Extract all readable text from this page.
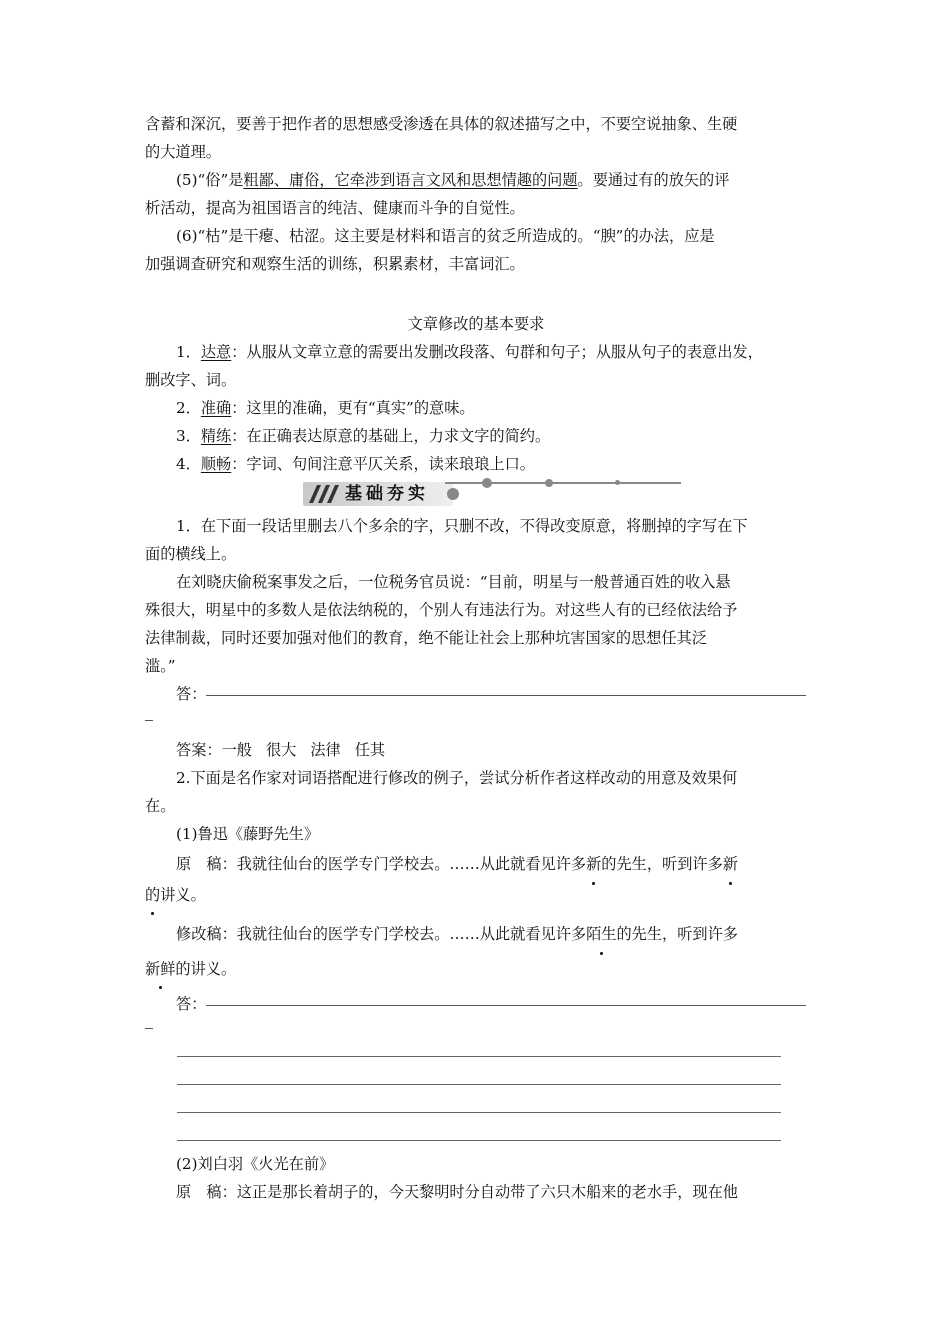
含蓄和深沉，要善于把作者的思想感受渗透在具体的叙述描写之中，不要空说抽象、生硬
的大道理。
(5)“俗”是粗鄙、庸俗，它牵涉到语言文风和思想情趣的问题。要通过有的放矢的评
析活动，提高为祖国语言的纯洁、健康而斗争的自觉性。
(6)“枯”是干瘪、枯涩。这主要是材料和语言的贫乏所造成的。“腴”的办法，应是
加强调查研究和观察生活的训练，积累素材，丰富词汇。
文章修改的基本要求
1．达意：从服从文章立意的需要出发删改段落、句群和句子；从服从句子的表意出发，
删改字、词。
2．准确：这里的准确，更有“真实”的意味。
3．精练：在正确表达原意的基础上，力求文字的简约。
4．顺畅：字词、句间注意平仄关系，读来琅琅上口。
基础夯实
1．在下面一段话里删去八个多余的字，只删不改，不得改变原意，将删掉的字写在下
面的横线上。
在刘晓庆偷税案事发之后，一位税务官员说：“目前，明星与一般普通百姓的收入悬
殊很大，明星中的多数人是依法纳税的，个别人有违法行为。对这些人有的已经依法给予
法律制裁，同时还要加强对他们的教育，绝不能让社会上那种坑害国家的思想任其泛
滥。”
答：
答案：一般 很大 法律 任其
2.下面是名作家对词语搭配进行修改的例子，尝试分析作者这样改动的用意及效果何
在。
(1)鲁迅《藤野先生》
原　稿：我就往仙台的医学专门学校去。……从此就看见许多新的先生，听到许多新
的讲义。
修改稿：我就往仙台的医学专门学校去。……从此就看见许多陌生的先生，听到许多
新鲜的讲义。
答：
(2)刘白羽《火光在前》
原　稿：这正是那长着胡子的，今天黎明时分自动带了六只木船来的老水手，现在他
